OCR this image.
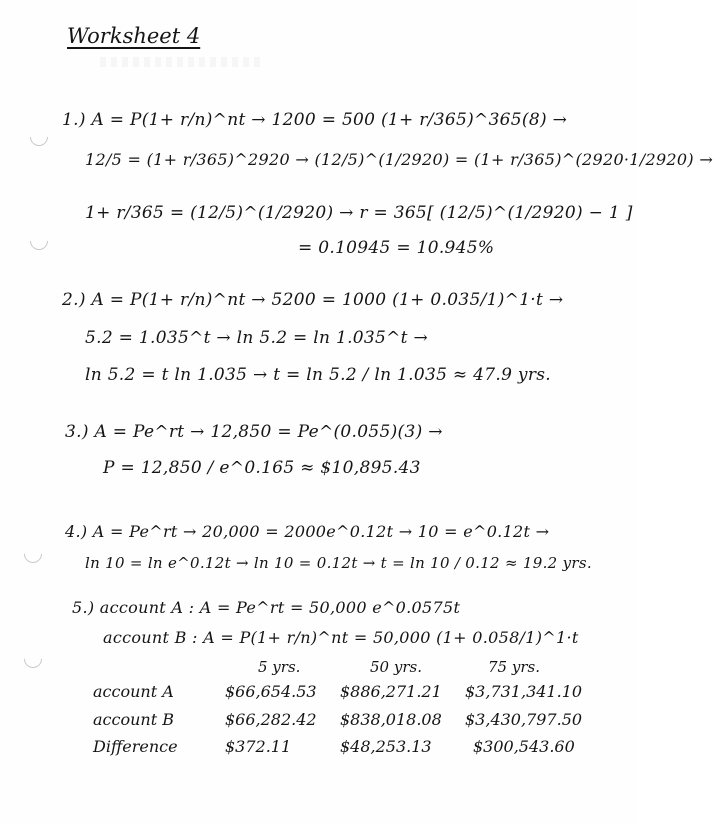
Worksheet 4
1.) A = P(1+ r/n)^nt → 1200 = 500 (1+ r/365)^365(8) →
12/5 = (1+ r/365)^2920 → (12/5)^(1/2920) = (1+ r/365)^(2920·1/2920) →
1+ r/365 = (12/5)^(1/2920) → r = 365[ (12/5)^(1/2920) − 1 ]
= 0.10945 = 10.945%
2.) A = P(1+ r/n)^nt → 5200 = 1000 (1+ 0.035/1)^1·t →
5.2 = 1.035^t → ln 5.2 = ln 1.035^t →
ln 5.2 = t ln 1.035 → t = ln 5.2 / ln 1.035 ≈ 47.9 yrs.
3.) A = Pe^rt → 12,850 = Pe^(0.055)(3) →
P = 12,850 / e^0.165 ≈ $10,895.43
4.) A = Pe^rt → 20,000 = 2000e^0.12t → 10 = e^0.12t →
ln 10 = ln e^0.12t → ln 10 = 0.12t → t = ln 10 / 0.12 ≈ 19.2 yrs.
5.) account A : A = Pe^rt = 50,000 e^0.0575t
account B : A = P(1+ r/n)^nt = 50,000 (1+ 0.058/1)^1·t
5 yrs.	50 yrs.	75 yrs.
account A	$66,654.53 $886,271.21 $3,731,341.10
account B	$66,282.42 $838,018.08 $3,430,797.50
Difference	$372.11	$48,253.13	$300,543.60
